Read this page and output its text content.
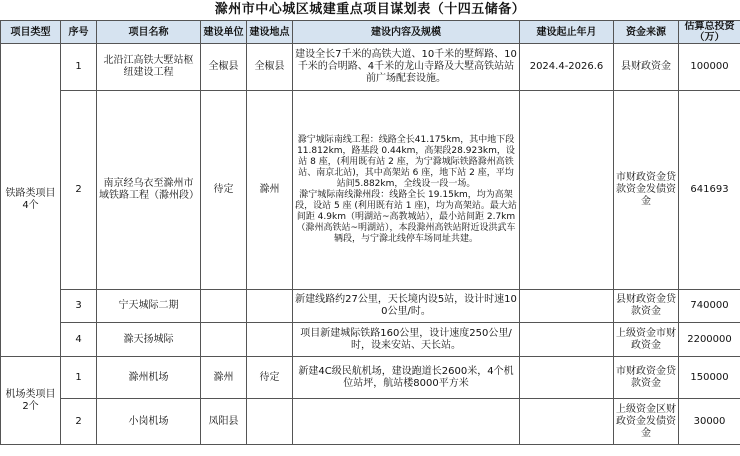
滁州市中心城区城建重点项目谋划表（十四五储备）
项目类型	序号	项目名称	建设单位	建设地点	建设内容及规模	建设起止年月	资金来源	估算总投资（万）
铁路类项目4个	1	北沿江高铁大墅站枢纽建设工程	全椒县	全椒县	建设全长7千米的高铁大道、10千米的墅辉路、10千米的合明路、4千米的龙山寺路及大墅高铁站站前广场配套设施。	2024.4-2026.6	县财政资金	100000
	2	南京经乌衣至滁州市域铁路工程（滁州段）	待定	滁州	滁宁城际南线工程：线路全长41.175km，其中地下段11.812km，路基段 0.44km，高架段28.923km，设站 8 座，(利用既有站 2 座，为宁滁城际铁路滁州高铁站、南京北站)，其中高架站 6 座，地下站 2 座，平均站间5.882km，全线设一段一场。
滁宁城际南线滁州段：线路全长 19.15km，均为高架段，设站 5 座 (利用既有站 1 座)，均为高架站。最大站间距 4.9km（明湖站~高教城站），最小站间距 2.7km（滁州高铁站~明湖站），本段滁州高铁站附近设洪武车辆段，与宁滁北线停车场同址共建。		市财政资金贷款资金发债资金	641693
	3	宁天城际二期			新建线路约27公里，天长境内设5站，设计时速100公里/时。		县财政资金贷款资金	740000
	4	滁天扬城际			项目新建城际铁路160公里，设计速度250公里/时，设来安站、天长站。		上级资金市财政资金	2200000
机场类项目2个	1	滁州机场	滁州	待定	新建4C级民航机场，建设跑道长2600米，4个机位站坪，航站楼8000平方米		市财政资金贷款资金	150000
	2	小岗机场	凤阳县				上级资金区财政资金发债资金	30000
